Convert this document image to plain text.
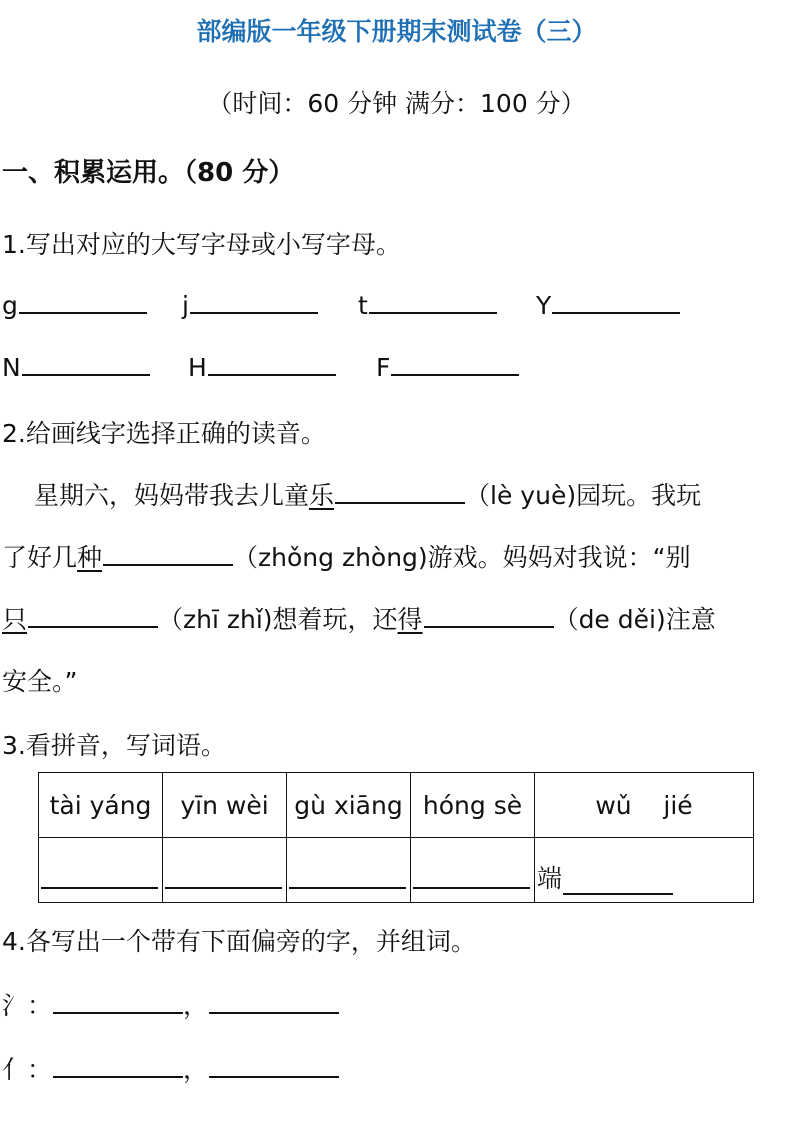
部编版一年级下册期末测试卷（三）
（时间：60 分钟 满分：100 分）
一、积累运用。（80 分）
1.写出对应的大写字母或小写字母。
g	j	t	Y
N	H	F
2.给画线字选择正确的读音。
星期六，妈妈带我去儿童乐	（lè yuè)园玩。我玩
了好几种	（zhǒng zhòng)游戏。妈妈对我说：“别
只	（zhī zhǐ)想着玩，还得	（de děi)注意
安全。”
3.看拼音，写词语。
tài yáng	yīn wèi	gù xiāng	hóng sè	wǔ    jié

				端
4.各写出一个带有下面偏旁的字，并组词。
氵：	，
亻：	，
